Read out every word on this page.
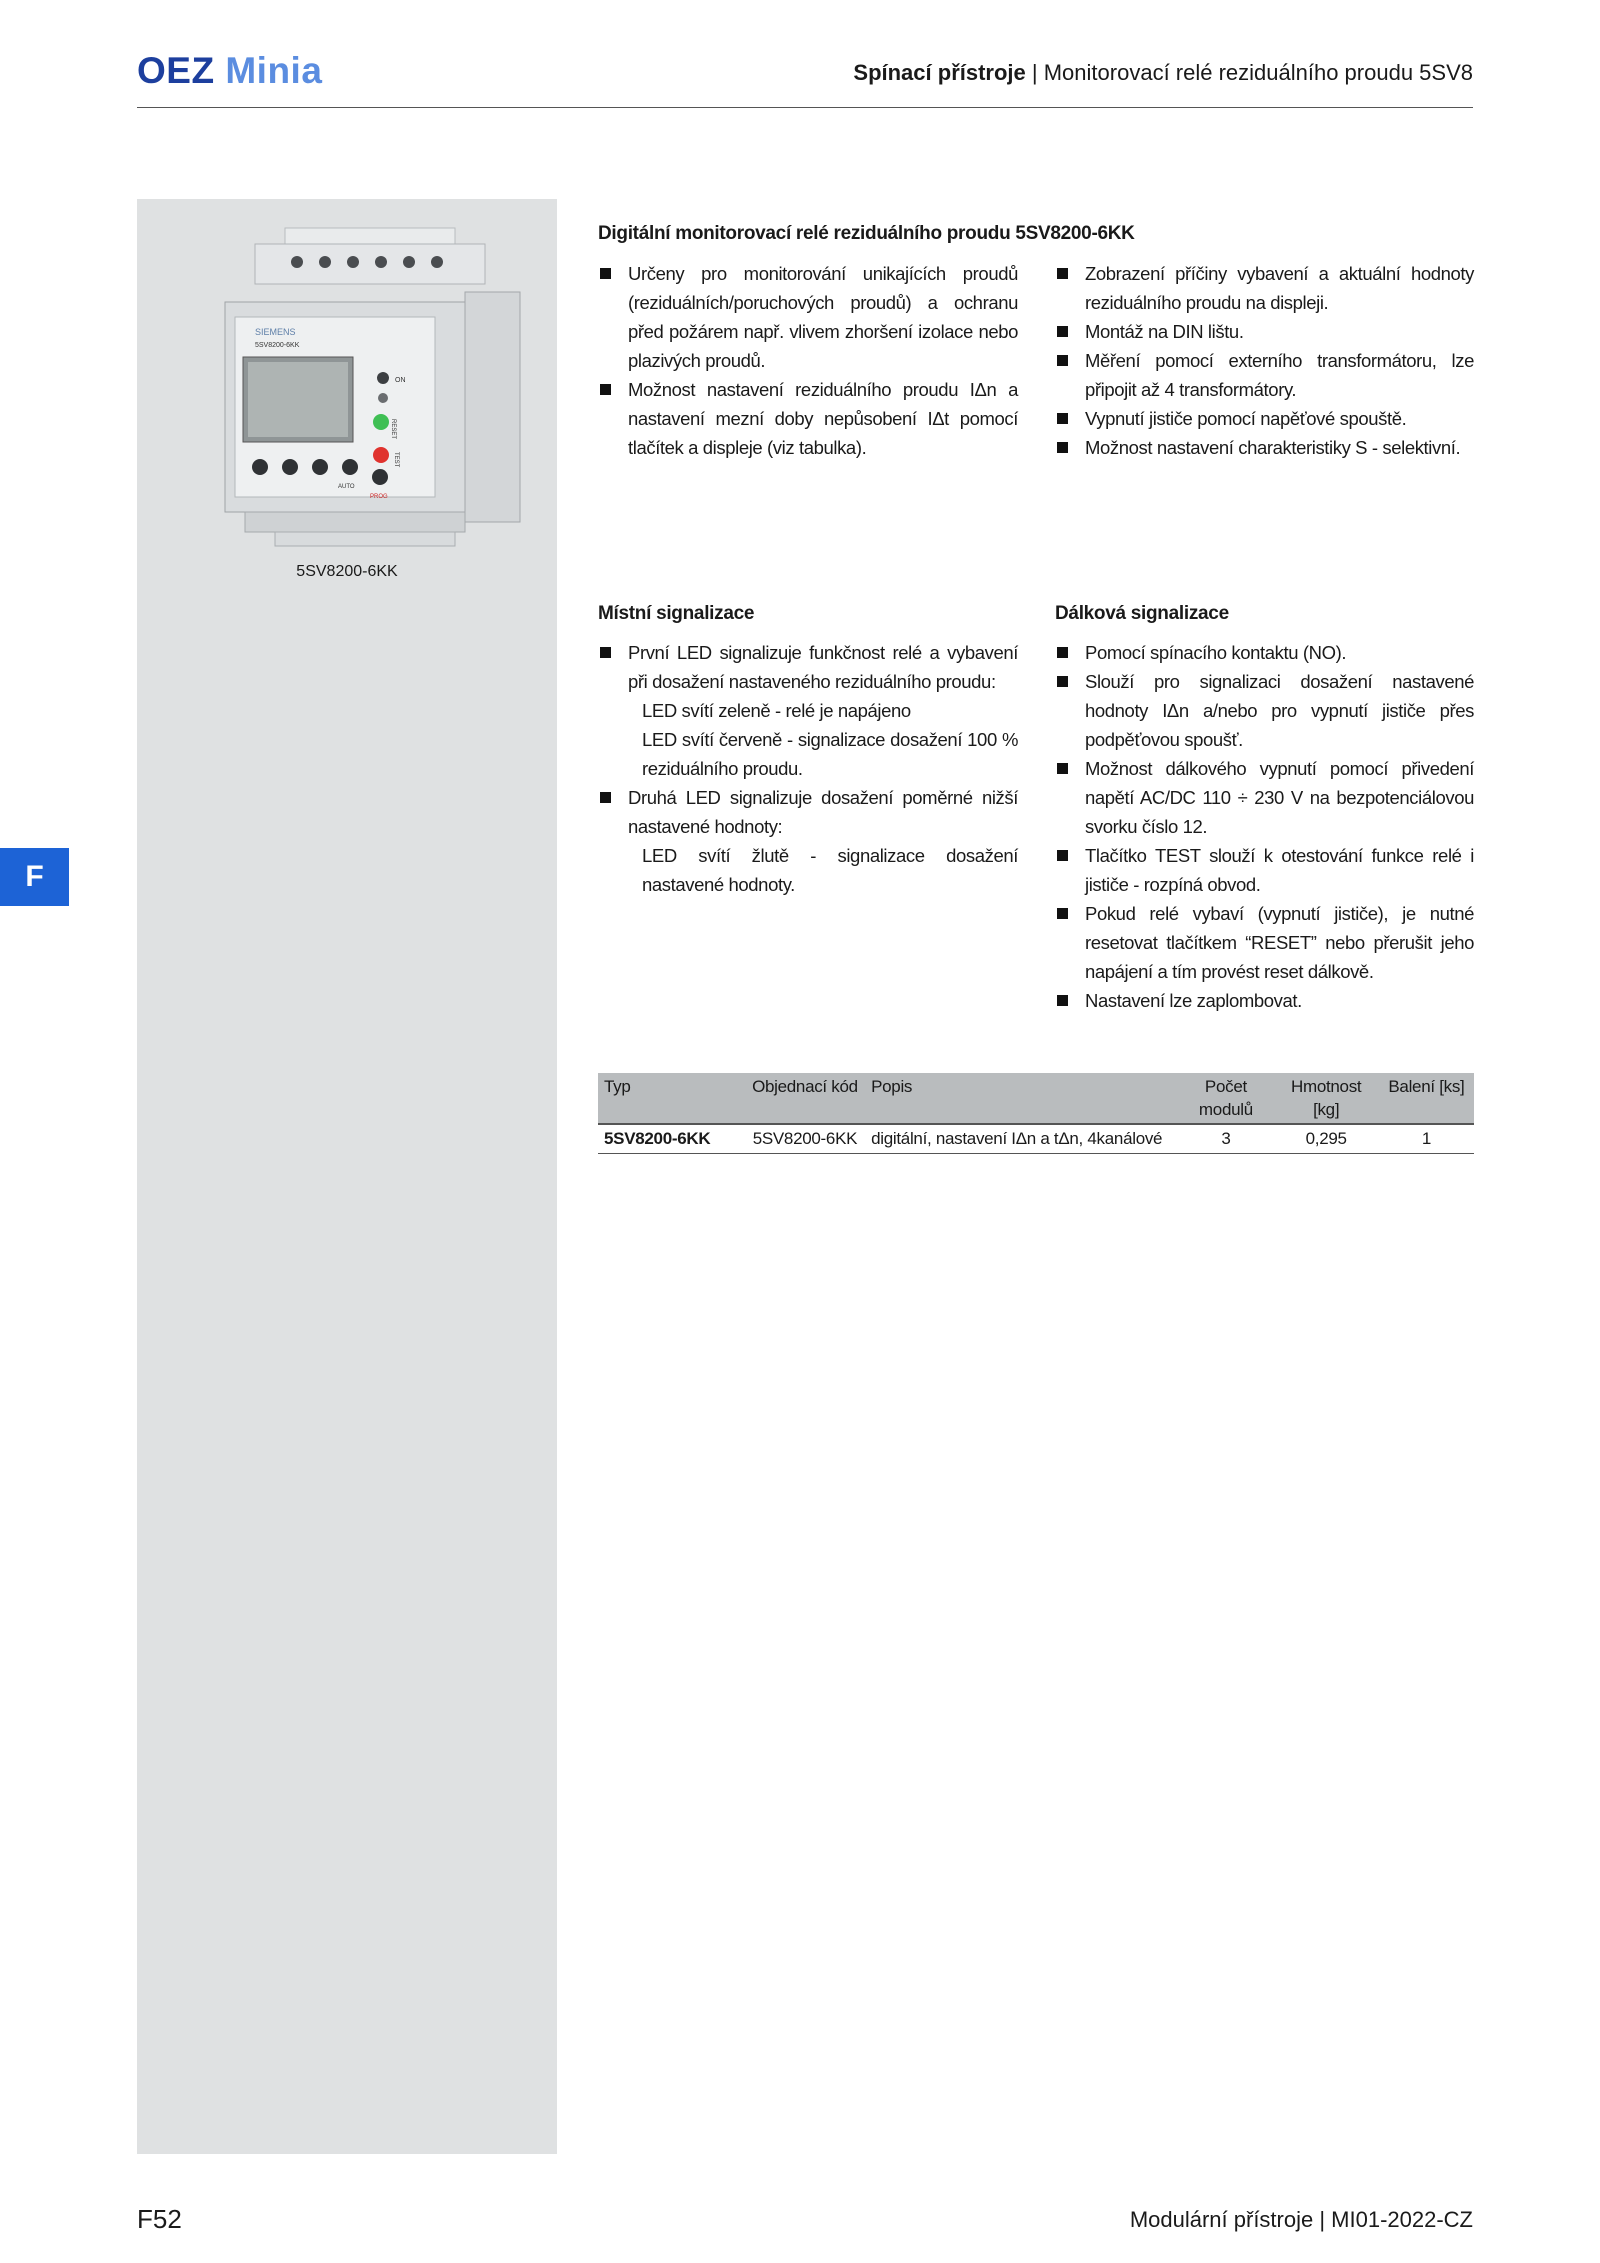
OEZ Minia	Spínací přístroje | Monitorovací relé reziduálního proudu 5SV8
SIEMENS
5SV8200-6KK
ON
RESET
TEST
AUTO
PROG
5SV8200-6KK
F
Digitální monitorovací relé reziduálního proudu 5SV8200-6KK
Určeny pro monitorování unikajících proudů (reziduálních/poruchových proudů) a ochranu před požárem např. vlivem zhoršení izolace nebo plazivých proudů.
Možnost nastavení reziduálního proudu IΔn a nastavení mezní doby nepůsobení IΔt pomocí tlačítek a displeje (viz tabulka).
Zobrazení příčiny vybavení a aktuální hodnoty reziduálního proudu na displeji.
Montáž na DIN lištu.
Měření pomocí externího transformátoru, lze připojit až 4 transformátory.
Vypnutí jističe pomocí napěťové spouště.
Možnost nastavení charakteristiky S - selektivní.
Místní signalizace
První LED signalizuje funkčnost relé a vybavení při dosažení nastaveného reziduálního proudu:
LED svítí zeleně - relé je napájeno
LED svítí červeně - signalizace dosažení 100 % reziduálního proudu.
Druhá LED signalizuje dosažení poměrné nižší nastavené hodnoty:
LED svítí žlutě - signalizace dosažení nastavené hodnoty.
Dálková signalizace
Pomocí spínacího kontaktu (NO).
Slouží pro signalizaci dosažení nastavené hodnoty IΔn a/nebo pro vypnutí jističe přes podpěťovou spoušť.
Možnost dálkového vypnutí pomocí přivedení napětí AC/DC 110 ÷ 230 V na bezpotenciálovou svorku číslo 12.
Tlačítko TEST slouží k otestování funkce relé i jističe - rozpíná obvod.
Pokud relé vybaví (vypnutí jističe), je nutné resetovat tlačítkem “RESET” nebo přerušit jeho napájení a tím provést reset dálkově.
Nastavení lze zaplombovat.
Typ	Objednací kód	Popis	Počet modulů	Hmotnost [kg]	Balení [ks]
5SV8200-6KK	5SV8200-6KK	digitální, nastavení IΔn a tΔn, 4kanálové	3	0,295	1
F52	Modulární přístroje | MI01-2022-CZ
